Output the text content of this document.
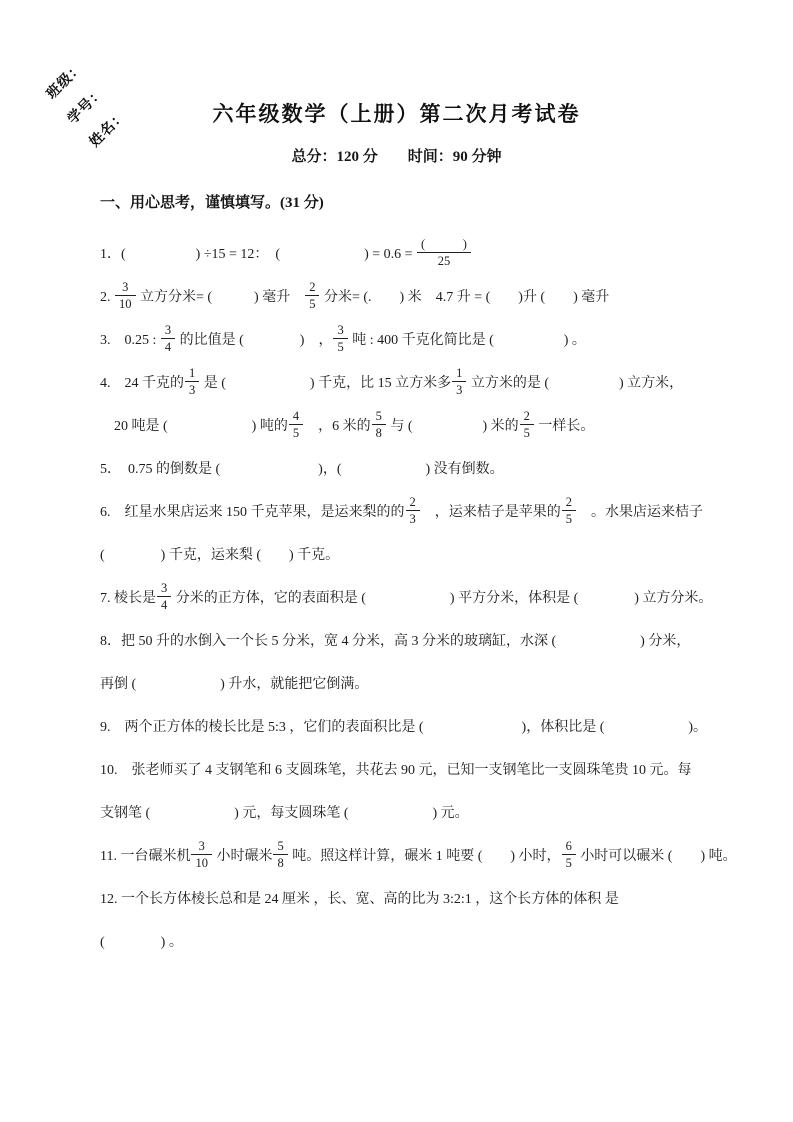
班级：
学号：
姓名：	六年级数学（上册）第二次月考试卷
总分：120 分　　时间：90 分钟
一、用心思考，谨慎填写。(31 分)
1．(　　　　　) ÷15 = 12：　(　　　　　　) = $0.6 = \frac{( )}{25}$
2. $\frac{3}{10}$ 立方分米= (　　　) 毫升　 $\frac{2}{5}$ 分米= (.　　) 米　4.7 升 = (　　)升 (　　) 毫升
3.　0.25 : $\frac{3}{4}$ 的比值是 (　　　　)　， $\frac{3}{5}$ 吨 : 400 千克化简比是 (　　　　　) 。
4.　24 千克的 $\frac{1}{3}$ 是 (　　　　　　) 千克，比 15 立方米多 $\frac{1}{3}$ 立方米的是 (　　　　　) 立方米，
20 吨是 (　　　　　　) 吨的 $\frac{4}{5}$ 　，6 米的 $\frac{5}{8}$ 与 (　　　　　) 米的 $\frac{2}{5}$ 一样长。
5．　0.75 的倒数是 (　　　　　　　)，(　　　　　　) 没有倒数。
6.　红星水果店运来 150 千克苹果，是运来梨的的 $\frac{2}{3}$ 　，运来桔子是苹果的 $\frac{2}{5}$ 　。水果店运来桔子
(　　　　) 千克，运来梨 (　　) 千克。
7. 棱长是 $\frac{3}{4}$ 分米的正方体，它的表面积是 (　　　　　　) 平方分米，体积是 (　　　　) 立方分米。
8．把 50 升的水倒入一个长 5 分米，宽 4 分米，高 3 分米的玻璃缸，水深 (　　　　　　) 分米，
再倒 (　　　　　　) 升水，就能把它倒满。
9.　两个正方体的棱长比是 5:3 ，它们的表面积比是 (　　　　　　　)，体积比是 (　　　　　　)。
10.　张老师买了 4 支钢笔和 6 支圆珠笔，共花去 90 元，已知一支钢笔比一支圆珠笔贵 10 元。每
支钢笔 (　　　　　　) 元，每支圆珠笔 (　　　　　　) 元。
11. 一台碾米机 $\frac{3}{10}$ 小时碾米 $\frac{5}{8}$ 吨。照这样计算，碾米 1 吨要 (　　) 小时， $\frac{6}{5}$ 小时可以碾米 (　　) 吨。
12. 一个长方体棱长总和是 24 厘米 ，长、宽、高的比为 3:2:1 ，这个长方体的体积 是
(　　　　) 。
